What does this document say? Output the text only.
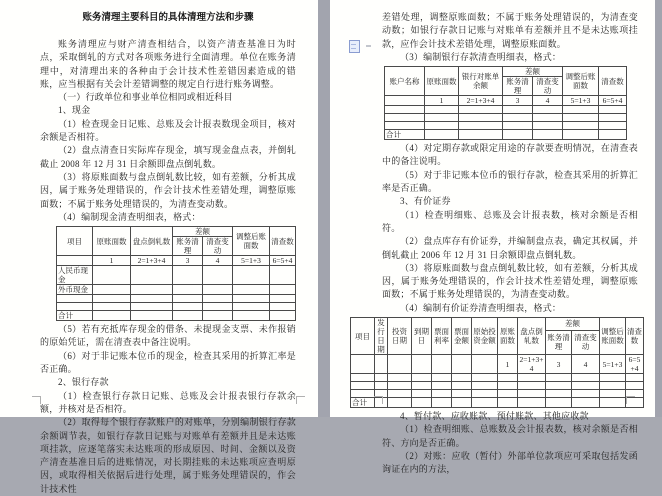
账务清理主要科目的具体清理方法和步骤

账务清理应与财产清查相结合，以资产清查基准日为时点，采取倒轧的方式对各项账务进行全面清理。单位在账务清理中，对清理出来的各种由于会计技术性差错因素造成的错账，应当根据有关会计差错调整的规定自行进行账务调整。

（一）行政单位和事业单位相同或相近科目

1、现金

（1）检查现金日记账、总账及会计报表数现金项目，核对余额是否相符。

（2）盘点清查日实际库存现金，填写现金盘点表，并倒轧截止 2008 年 12 月 31 日余额即盘点倒轧数。

（3）将原账面数与盘点倒轧数比较，如有差额，分析其成因，属于账务处理错误的，作会计技术性差错处理，调整原账面数；不属于账务处理错误的，为清查变动数。

（4）编制现金清查明细表，格式：

项目	原账面数	盘点倒轧数	差额		调整后账面数	清查数
			账务清理	清查变动		
	1	2=1+3+4	3	4	5=1+3	6=5+4
人民币现金						
外币现金						

合计						

（5）若有充抵库存现金的借条、未提现金支票、未作报销的原始凭证，需在清查表中备注说明。

（6）对于非记账本位币的现金，检查其采用的折算汇率是否正确。

2、银行存款

（1）检查银行存款日记账、总账及会计报表银行存款余额，并核对是否相符。

（2）取得每个银行存款账户的对账单，分别编制银行存款余额调节表，如银行存款日记账与对账单有差额并且是未达账项挂款，应逐笔落实未达账项的形成原因、时间、金额以及资产清查基准日后的进账情况，对长期挂账的未达账项应查明原因，或取得相关依据后进行处理，属于账务处理错误的，作会计技术性

差错处理，调整原账面数；不属于账务处理错误的，为清查变动数；如银行存款日记账与对账单有差额并且不是未达账项挂款，应作会计技术差错处理，调整原账面数。

（3）编制银行存款清查明细表，格式：

账户名称	原账面数	银行对账单余额	差额		调整后账面数	清查数
			账务清理	清查变动		
	1	2=1+3+4	3	4	5=1+3	6=5+4

合计						

（4）对定期存款或限定用途的存款要查明情况，在清查表中的备注说明。

（5）对于非记账本位币的银行存款，检查其采用的折算汇率是否正确。

3、有价证券

（1）检查明细账、总账及会计报表数，核对余额是否相符。

（2）盘点库存有价证券，并编制盘点表，确定其权属，并倒轧截止 2006 年 12 月 31 日余额即盘点倒轧数。

（3）将原账面数与盘点倒轧数比较，如有差额，分析其成因，属于账务处理错误的，作会计技术性差错处理，调整原账面数；不属于账务处理错误的，为清查变动数。

（4）编制有价证券清查明细表，格式：

项目	发行日期	投资日期	到期日	票面利率	票面金额	原始投资金额	原账面数	盘点倒轧数	差额		调整后账面数	清查数
									账务清理	清查变动		
							1	2=1+3+4	3	4	5=1+3	6=5+4

合计												

4、暂付款、应收账款、预付账款、其他应收款

（1）检查明细账、总账数及会计报表数，核对余额是否相符、方向是否正确。

（2）对账：应收（暂付）外部单位款项应可采取包括发函询证在内的方法，
